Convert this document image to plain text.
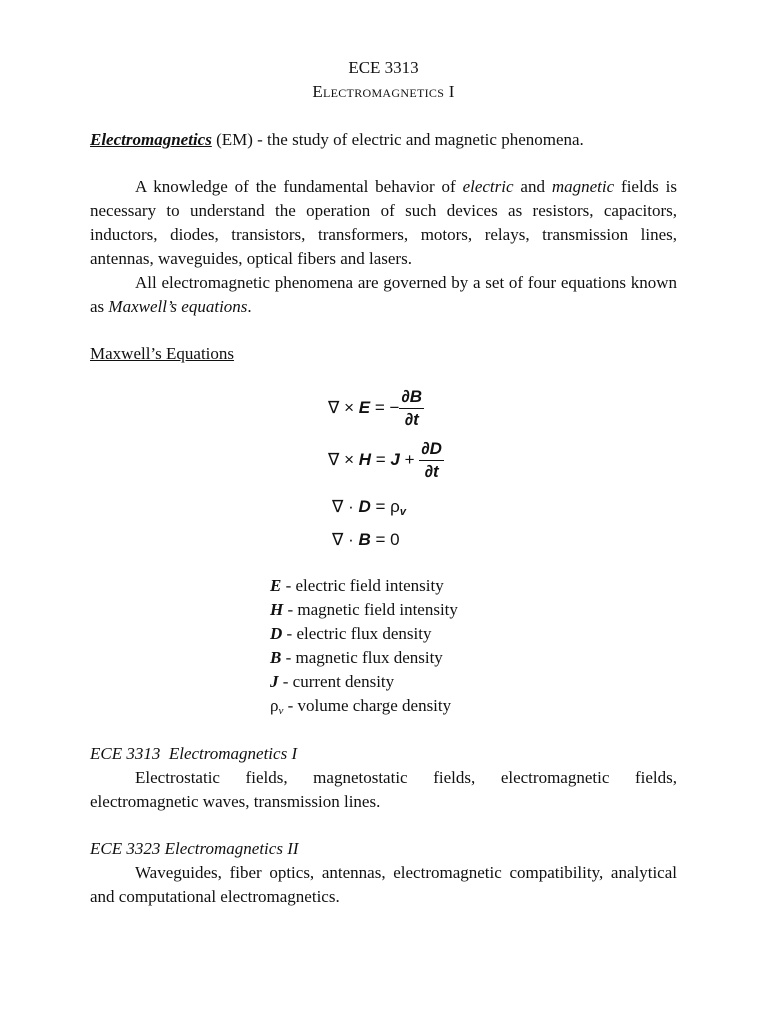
ECE 3313
Electromagnetics I
Electromagnetics (EM) - the study of electric and magnetic phenomena.
A knowledge of the fundamental behavior of electric and magnetic fields is necessary to understand the operation of such devices as resistors, capacitors, inductors, diodes, transistors, transformers, motors, relays, transmission lines, antennas, waveguides, optical fibers and lasers.
All electromagnetic phenomena are governed by a set of four equations known as Maxwell’s equations.
Maxwell’s Equations
∇ × E = − $\frac{\partial B}{\partial t}$
∇ × $H = J + \frac{\partial D}{\partial t}$
∇ · $D = \rho_v$
∇ · B = 0
E - electric field intensity
H - magnetic field intensity
D - electric flux density
B - magnetic flux density
J - current density
$\rho_v$ - volume charge density
ECE 3313  Electromagnetics I
Electrostatic fields, magnetostatic fields, electromagnetic fields, electromagnetic waves, transmission lines.
ECE 3323 Electromagnetics II
Waveguides, fiber optics, antennas, electromagnetic compatibility, analytical and computational electromagnetics.
